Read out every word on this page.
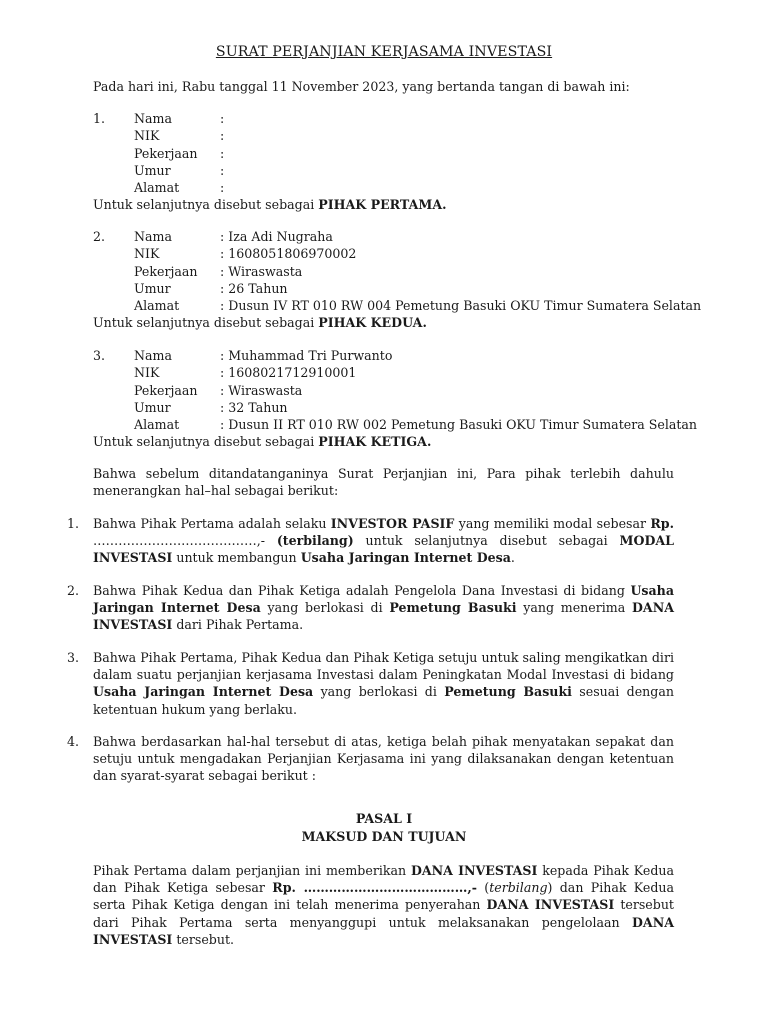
SURAT PERJANJIAN KERJASAMA INVESTASI
Pada hari ini, Rabu tanggal 11 November 2023, yang bertanda tangan di bawah ini:
1. Nama	:
NIK	:
Pekerjaan :
Umur	:
Alamat	:
Untuk selanjutnya disebut sebagai PIHAK PERTAMA.
2. Nama	: Iza Adi Nugraha
NIK	: 1608051806970002
Pekerjaan : Wiraswasta
Umur	: 26 Tahun
Alamat	: Dusun IV RT 010 RW 004 Pemetung Basuki OKU Timur Sumatera Selatan
Untuk selanjutnya disebut sebagai PIHAK KEDUA.
3. Nama	: Muhammad Tri Purwanto
NIK	: 1608021712910001
Pekerjaan : Wiraswasta
Umur	: 32 Tahun
Alamat	: Dusun II RT 010 RW 002 Pemetung Basuki OKU Timur Sumatera Selatan
Untuk selanjutnya disebut sebagai PIHAK KETIGA.
Bahwa sebelum ditandatanganinya Surat Perjanjian ini, Para pihak terlebih dahulu menerangkan hal–hal sebagai berikut:
1. Bahwa Pihak Pertama adalah selaku INVESTOR PASIF yang memiliki modal sebesar Rp. …………………………………,- (terbilang) untuk selanjutnya disebut sebagai MODAL INVESTASI untuk membangun Usaha Jaringan Internet Desa.
2. Bahwa Pihak Kedua dan Pihak Ketiga adalah Pengelola Dana Investasi di bidang Usaha Jaringan Internet Desa yang berlokasi di Pemetung Basuki yang menerima DANA INVESTASI dari Pihak Pertama.
3. Bahwa Pihak Pertama, Pihak Kedua dan Pihak Ketiga setuju untuk saling mengikatkan diri dalam suatu perjanjian kerjasama Investasi dalam Peningkatan Modal Investasi di bidang Usaha Jaringan Internet Desa yang berlokasi di Pemetung Basuki sesuai dengan ketentuan hukum yang berlaku.
4. Bahwa berdasarkan hal-hal tersebut di atas, ketiga belah pihak menyatakan sepakat dan setuju untuk mengadakan Perjanjian Kerjasama ini yang dilaksanakan dengan ketentuan dan syarat-syarat sebagai berikut :
PASAL I
MAKSUD DAN TUJUAN
Pihak Pertama dalam perjanjian ini memberikan DANA INVESTASI kepada Pihak Kedua dan Pihak Ketiga sebesar Rp. …………………………………,- (terbilang) dan Pihak Kedua serta Pihak Ketiga dengan ini telah menerima penyerahan DANA INVESTASI tersebut dari Pihak Pertama serta menyanggupi untuk melaksanakan pengelolaan DANA INVESTASI tersebut.
